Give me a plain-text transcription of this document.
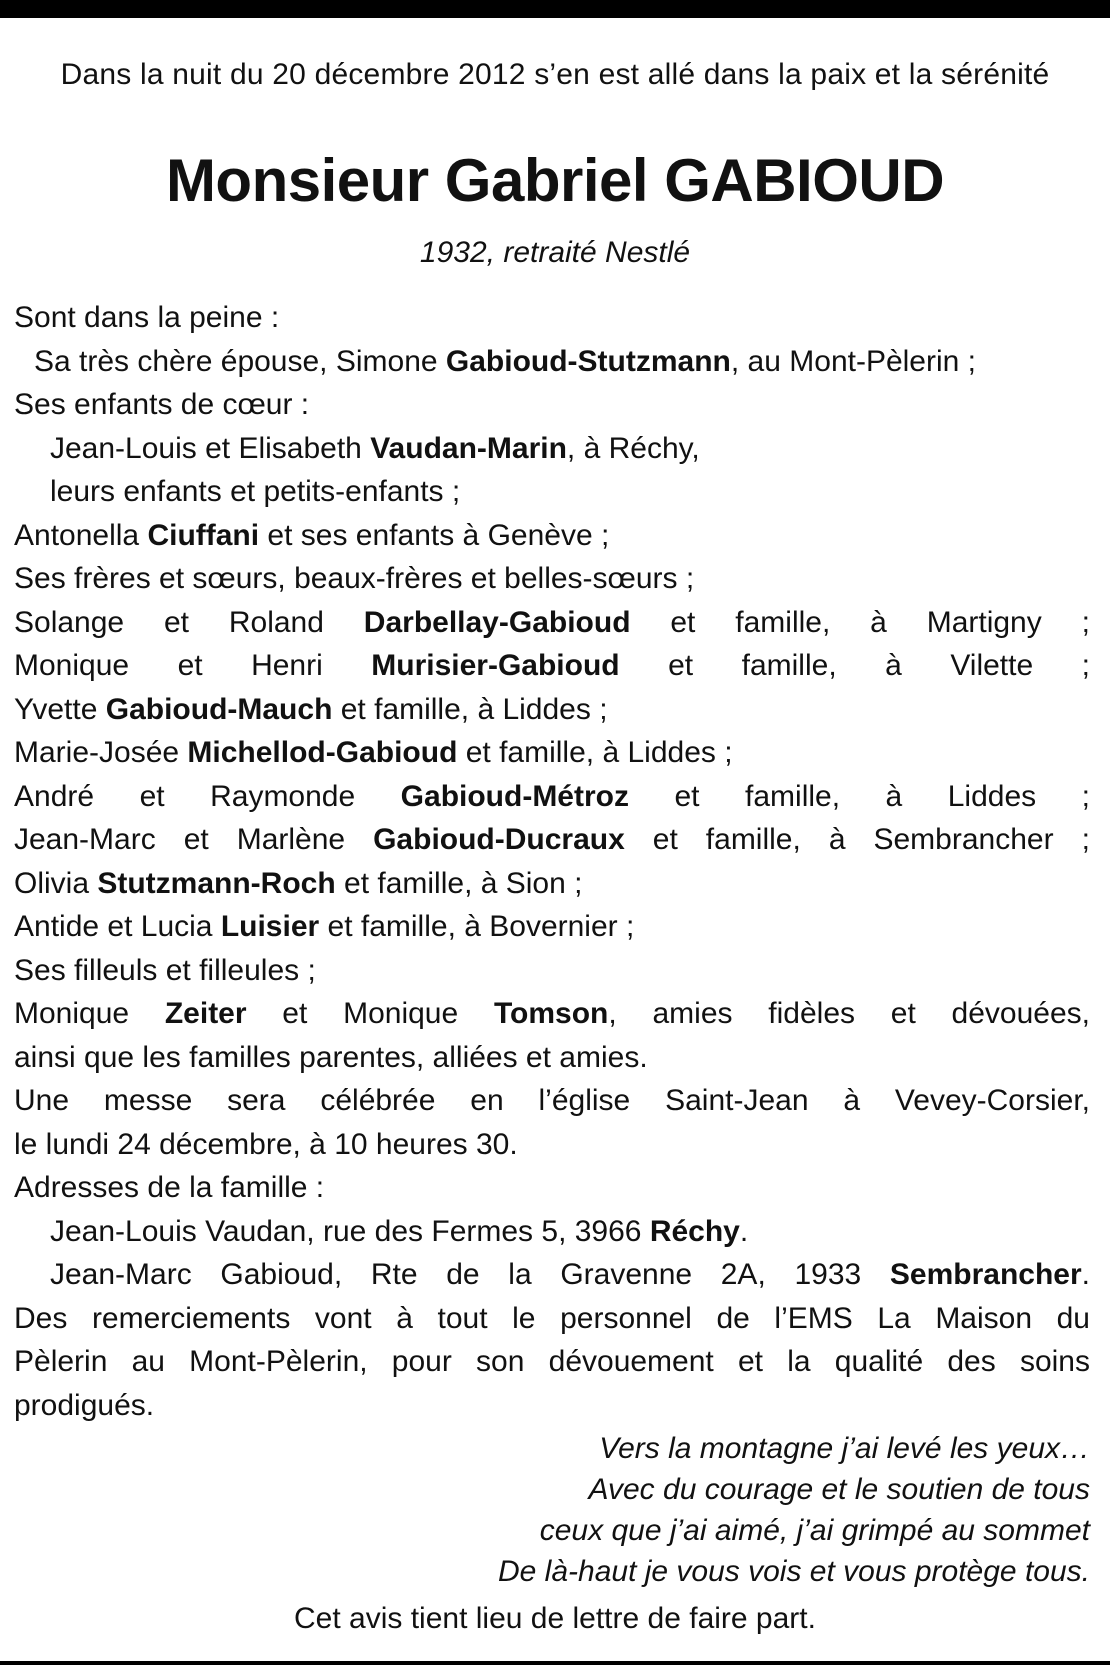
Dans la nuit du 20 décembre 2012 s’en est allé dans la paix et la sérénité
Monsieur Gabriel GABIOUD
1932, retraité Nestlé
Sont dans la peine :
Sa très chère épouse, Simone Gabioud-Stutzmann, au Mont-Pèlerin ;
Ses enfants de cœur :
Jean-Louis et Elisabeth Vaudan-Marin, à Réchy,
leurs enfants et petits-enfants ;
Antonella Ciuffani et ses enfants à Genève ;
Ses frères et sœurs, beaux-frères et belles-sœurs ;
Solange et Roland Darbellay-Gabioud et famille, à Martigny ;
Monique et Henri Murisier-Gabioud et famille, à Vilette ;
Yvette Gabioud-Mauch et famille, à Liddes ;
Marie-Josée Michellod-Gabioud et famille, à Liddes ;
André et Raymonde Gabioud-Métroz et famille, à Liddes ;
Jean-Marc et Marlène Gabioud-Ducraux et famille, à Sembrancher ;
Olivia Stutzmann-Roch et famille, à Sion ;
Antide et Lucia Luisier et famille, à Bovernier ;
Ses filleuls et filleules ;
Monique Zeiter et Monique Tomson, amies fidèles et dévouées,
ainsi que les familles parentes, alliées et amies.
Une messe sera célébrée en l’église Saint-Jean à Vevey-Corsier,
le lundi 24 décembre, à 10 heures 30.
Adresses de la famille :
Jean-Louis Vaudan, rue des Fermes 5, 3966 Réchy.
Jean-Marc Gabioud, Rte de la Gravenne 2A, 1933 Sembrancher.
Des remerciements vont à tout le personnel de l’EMS La Maison du
Pèlerin au Mont-Pèlerin, pour son dévouement et la qualité des soins
prodigués.
Vers la montagne j’ai levé les yeux…
Avec du courage et le soutien de tous
ceux que j’ai aimé, j’ai grimpé au sommet
De là-haut je vous vois et vous protège tous.
Cet avis tient lieu de lettre de faire part.
